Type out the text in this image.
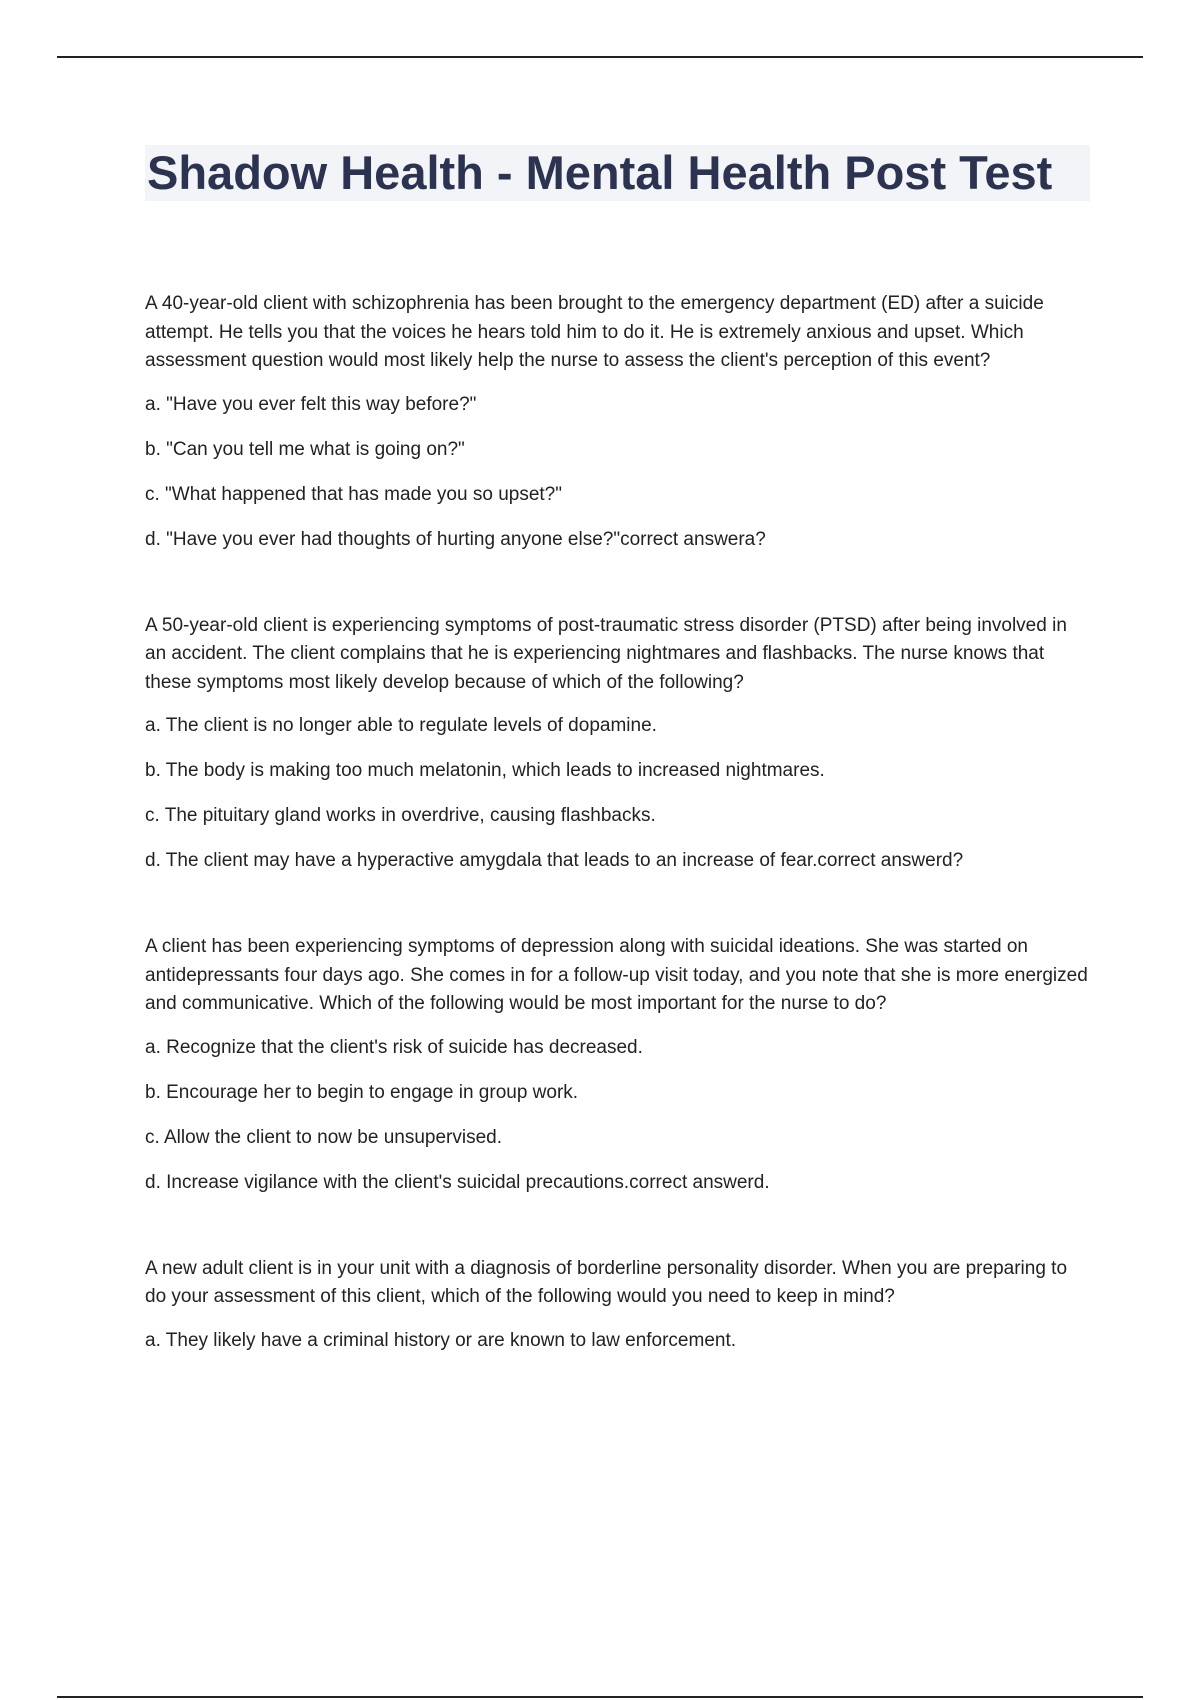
Shadow Health - Mental Health Post Test

A 40-year-old client with schizophrenia has been brought to the emergency department (ED) after a suicide attempt. He tells you that the voices he hears told him to do it. He is extremely anxious and upset. Which assessment question would most likely help the nurse to assess the client's perception of this event?

a. "Have you ever felt this way before?"

b. "Can you tell me what is going on?"

c. "What happened that has made you so upset?"

d. "Have you ever had thoughts of hurting anyone else?"correct answera?

A 50-year-old client is experiencing symptoms of post-traumatic stress disorder (PTSD) after being involved in an accident. The client complains that he is experiencing nightmares and flashbacks. The nurse knows that these symptoms most likely develop because of which of the following?

a. The client is no longer able to regulate levels of dopamine.

b. The body is making too much melatonin, which leads to increased nightmares.

c. The pituitary gland works in overdrive, causing flashbacks.

d. The client may have a hyperactive amygdala that leads to an increase of fear.correct answerd?

A client has been experiencing symptoms of depression along with suicidal ideations. She was started on antidepressants four days ago. She comes in for a follow-up visit today, and you note that she is more energized and communicative. Which of the following would be most important for the nurse to do?

a. Recognize that the client's risk of suicide has decreased.

b. Encourage her to begin to engage in group work.

c. Allow the client to now be unsupervised.

d. Increase vigilance with the client's suicidal precautions.correct answerd.

A new adult client is in your unit with a diagnosis of borderline personality disorder. When you are preparing to do your assessment of this client, which of the following would you need to keep in mind?

a. They likely have a criminal history or are known to law enforcement.
